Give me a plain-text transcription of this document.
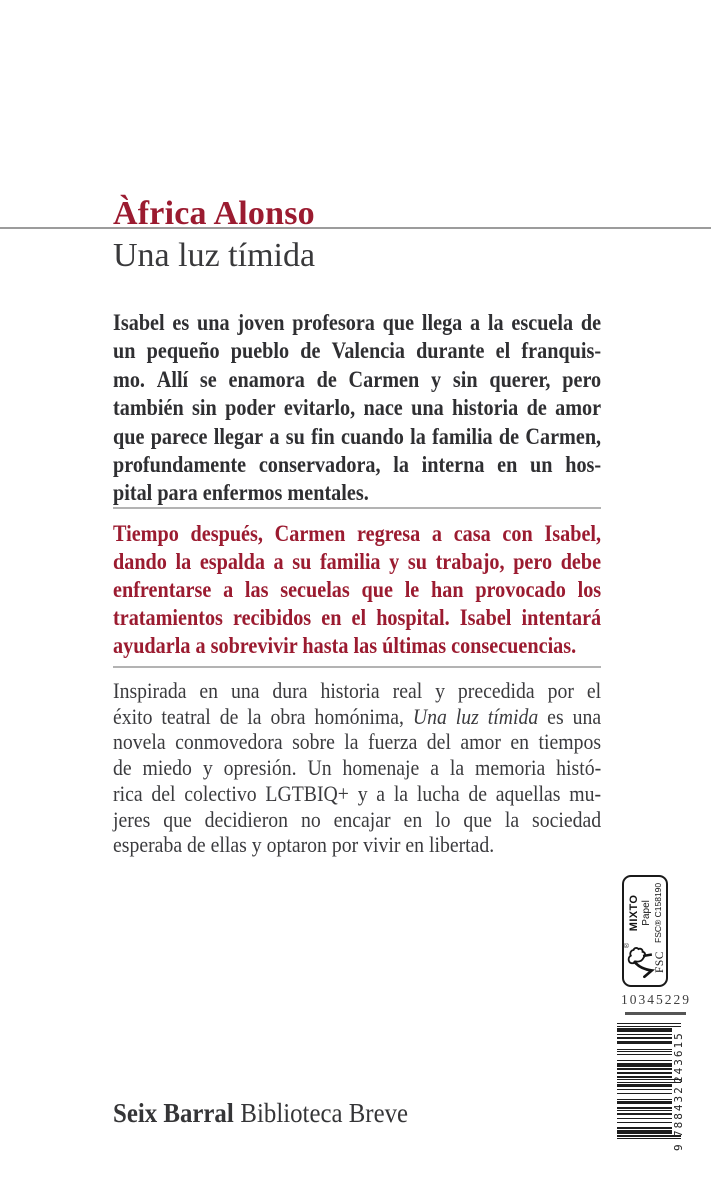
Àfrica Alonso
Una luz tímida
Isabel es una joven profesora que llega a la escuela de
un pequeño pueblo de Valencia durante el franquis-
mo. Allí se enamora de Carmen y sin querer, pero
también sin poder evitarlo, nace una historia de amor
que parece llegar a su fin cuando la familia de Carmen,
profundamente conservadora, la interna en un hos-
pital para enfermos mentales.
Tiempo después, Carmen regresa a casa con Isabel,
dando la espalda a su familia y su trabajo, pero debe
enfrentarse a las secuelas que le han provocado los
tratamientos recibidos en el hospital. Isabel intentará
ayudarla a sobrevivir hasta las últimas consecuencias.
Inspirada en una dura historia real y precedida por el
éxito teatral de la obra homónima, Una luz tímida es una
novela conmovedora sobre la fuerza del amor en tiempos
de miedo y opresión. Un homenaje a la memoria histó-
rica del colectivo LGTBIQ+ y a la lucha de aquellas mu-
jeres que decidieron no encajar en lo que la sociedad
esperaba de ellas y optaron por vivir en libertad.
®
FSC
MIXTO Papel FSC® C158190
10345229
9
788432
243615
Seix Barral Biblioteca Breve
